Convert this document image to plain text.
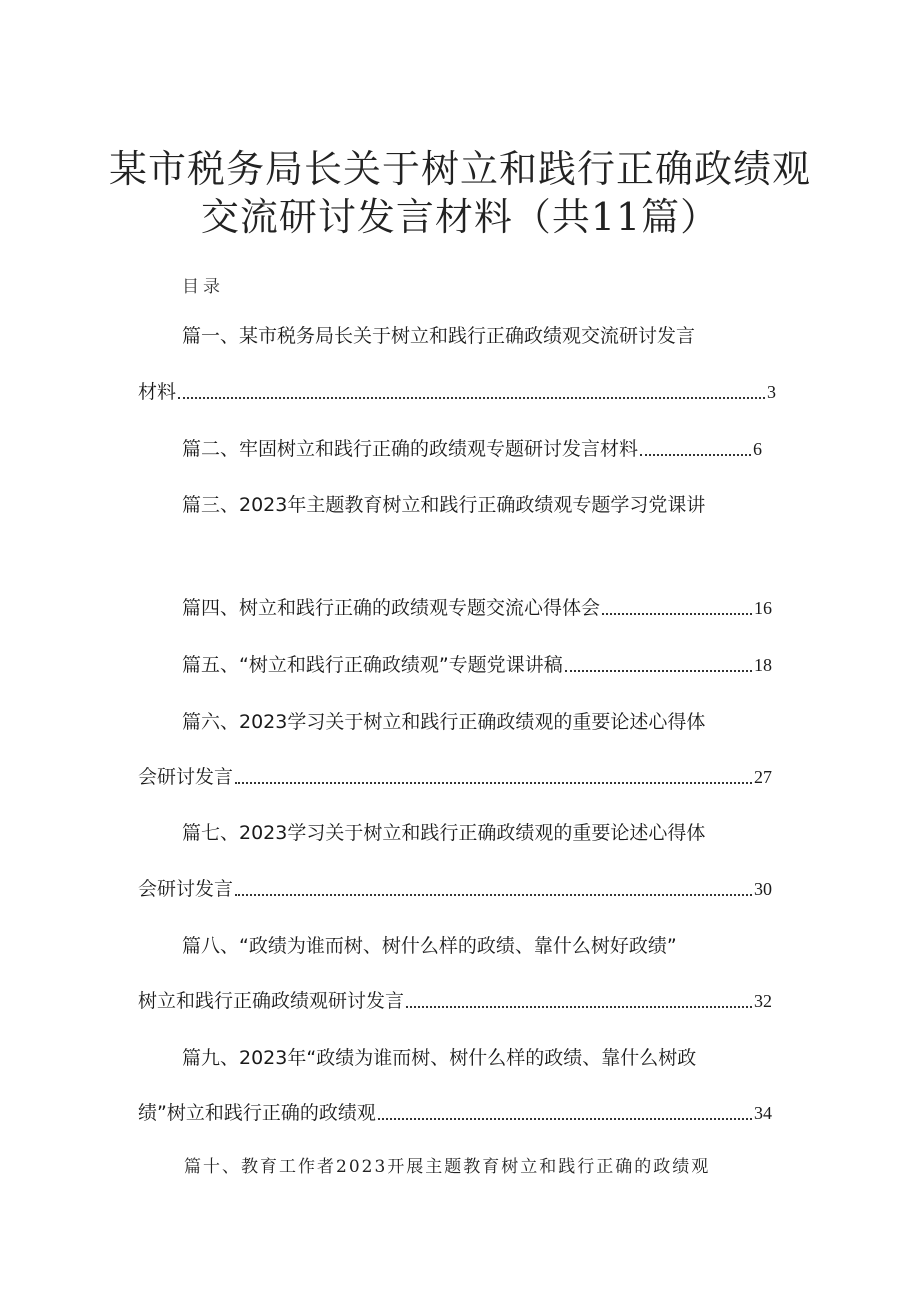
某市税务局长关于树立和践行正确政绩观
交流研讨发言材料（共11篇）
目录
篇一、某市税务局长关于树立和践行正确政绩观交流研讨发言
材料	3
篇二、牢固树立和践行正确的政绩观专题研讨发言材料	6
篇三、2023年主题教育树立和践行正确政绩观专题学习党课讲
篇四、树立和践行正确的政绩观专题交流心得体会	16
篇五、“树立和践行正确政绩观”专题党课讲稿	18
篇六、2023学习关于树立和践行正确政绩观的重要论述心得体
会研讨发言	27
篇七、2023学习关于树立和践行正确政绩观的重要论述心得体
会研讨发言	30
篇八、“政绩为谁而树、树什么样的政绩、靠什么树好政绩”
树立和践行正确政绩观研讨发言	32
篇九、2023年“政绩为谁而树、树什么样的政绩、靠什么树政
绩”树立和践行正确的政绩观	34
篇十、教育工作者2023开展主题教育树立和践行正确的政绩观
